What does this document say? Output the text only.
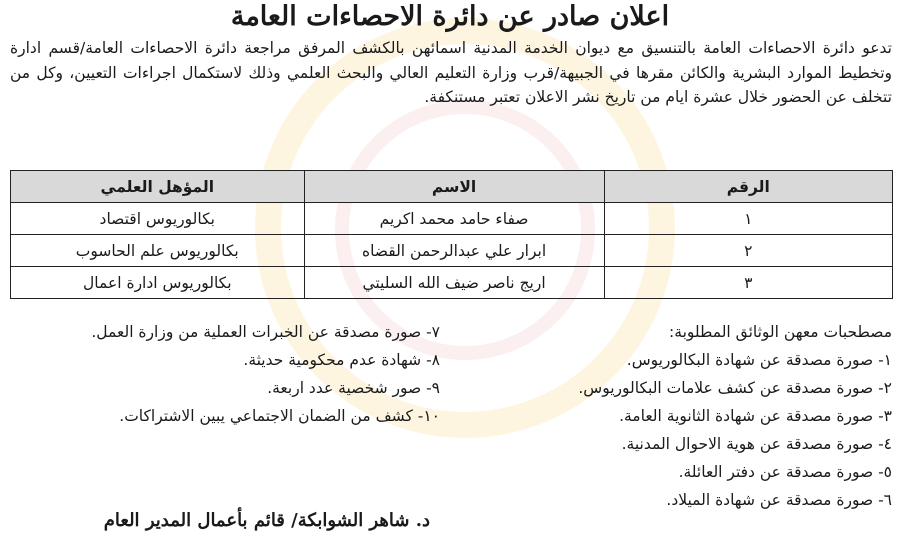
اعلان صادر عن دائرة الاحصاءات العامة
تدعو دائرة الاحصاءات العامة بالتنسيق مع ديوان الخدمة المدنية اسمائهن بالكشف المرفق مراجعة دائرة الاحصاءات العامة/قسم ادارة وتخطيط الموارد البشرية والكائن مقرها في الجبيهة/قرب وزارة التعليم العالي والبحث العلمي وذلك لاستكمال اجراءات التعيين، وكل من تتخلف عن الحضور خلال عشرة ايام من تاريخ نشر الاعلان تعتبر مستنكفة.
الرقم	الاسم	المؤهل العلمي
١	صفاء حامد محمد اكريم	بكالوريوس اقتصاد
٢	ابرار علي عبدالرحمن القضاه	بكالوريوس علم الحاسوب
٣	اريج ناصر ضيف الله السليتي	بكالوريوس ادارة اعمال
مصطحبات معهن الوثائق المطلوبة:
١- صورة مصدقة عن شهادة البكالوريوس.
٢- صورة مصدقة عن كشف علامات البكالوريوس.
٣- صورة مصدقة عن شهادة الثانوية العامة.
٤- صورة مصدقة عن هوية الاحوال المدنية.
٥- صورة مصدقة عن دفتر العائلة.
٦- صورة مصدقة عن شهادة الميلاد.
٧- صورة مصدقة عن الخبرات العملية من وزارة العمل.
٨- شهادة عدم محكومية حديثة.
٩- صور شخصية عدد اربعة.
١٠- كشف من الضمان الاجتماعي يبين الاشتراكات.
د. شاهر الشوابكة/ قائم بأعمال المدير العام
